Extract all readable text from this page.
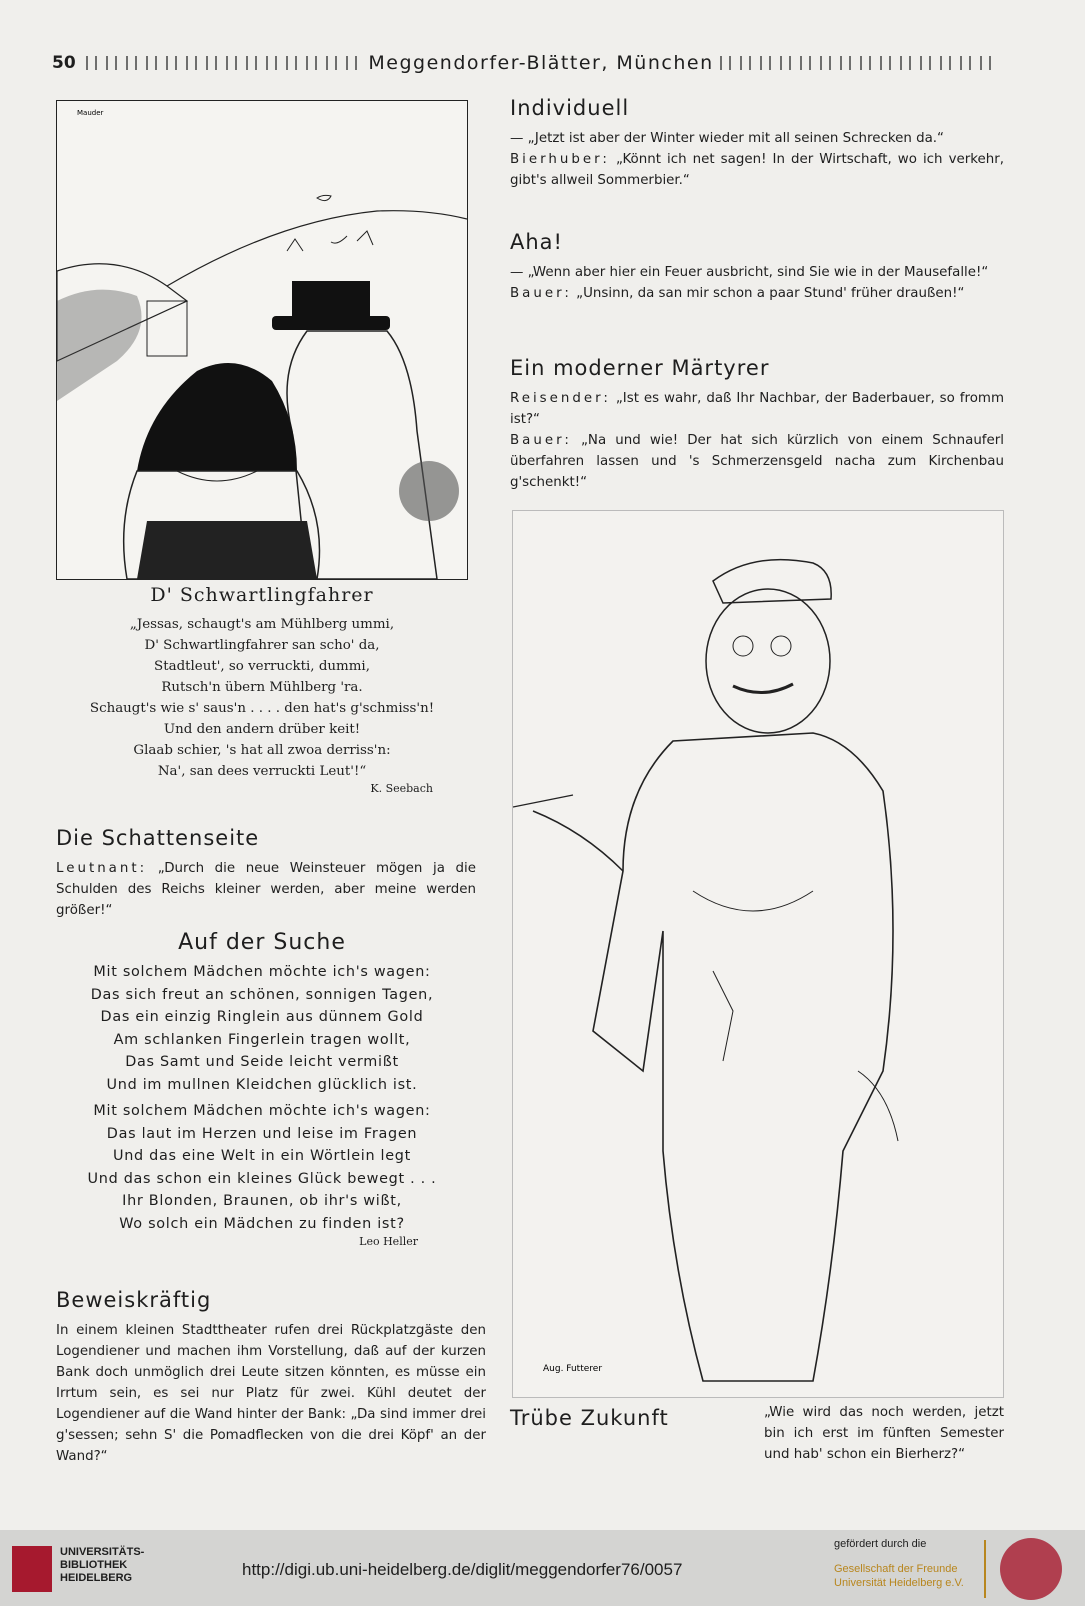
50	Meggendorfer-Blätter, München
Mauder

D' Schwartlingfahrer

„Jessas, schaugt's am Mühlberg ummi,

D' Schwartlingfahrer san scho' da,

Stadtleut', so verruckti, dummi,

Rutsch'n übern Mühlberg 'ra.

Schaugt's wie s' saus'n . . . . den hat's g'schmiss'n!

Und den andern drüber keit!

Glaab schier, 's hat all zwoa derriss'n:

Na', san dees verruckti Leut'!“

K. Seebach

Die Schattenseite

Leutnant: „Durch die neue Weinsteuer mögen ja die Schulden des Reichs kleiner werden, aber meine werden größer!“

Auf der Suche

Mit solchem Mädchen möchte ich's wagen:

Das sich freut an schönen, sonnigen Tagen,

Das ein einzig Ringlein aus dünnem Gold

Am schlanken Fingerlein tragen wollt,

Das Samt und Seide leicht vermißt

Und im mullnen Kleidchen glücklich ist.

Mit solchem Mädchen möchte ich's wagen:

Das laut im Herzen und leise im Fragen

Und das eine Welt in ein Wörtlein legt

Und das schon ein kleines Glück bewegt . . .

Ihr Blonden, Braunen, ob ihr's wißt,

Wo solch ein Mädchen zu finden ist?

Leo Heller

Beweiskräftig

In einem kleinen Stadttheater rufen drei Rückplatzgäste den Logendiener und machen ihm Vorstellung, daß auf der kurzen Bank doch unmöglich drei Leute sitzen könnten, es müsse ein Irrtum sein, es sei nur Platz für zwei. Kühl deutet der Logendiener auf die Wand hinter der Bank: „Da sind immer drei g'sessen; sehn S' die Pomadflecken von die drei Köpf' an der Wand?“

Individuell

— „Jetzt ist aber der Winter wieder mit all seinen Schrecken da.“
Bierhuber: „Könnt ich net sagen! In der Wirtschaft, wo ich verkehr, gibt's allweil Sommerbier.“

Aha!

— „Wenn aber hier ein Feuer ausbricht, sind Sie wie in der Mausefalle!“
Bauer: „Unsinn, da san mir schon a paar Stund' früher draußen!“

Ein moderner Märtyrer

Reisender: „Ist es wahr, daß Ihr Nachbar, der Baderbauer, so fromm ist?“
Bauer: „Na und wie! Der hat sich kürzlich von einem Schnauferl überfahren lassen und 's Schmerzensgeld nacha zum Kirchenbau g'schenkt!“

Aug. Futterer

Trübe Zukunft	„Wie wird das noch werden, jetzt bin ich erst im fünften Semester und hab' schon ein Bierherz?“

UNIVERSITÄTS-
BIBLIOTHEK
HEIDELBERG	http://digi.ub.uni-heidelberg.de/diglit/meggendorfer76/0057
gefördert durch die
Gesellschaft der Freunde
Universität Heidelberg e.V.
